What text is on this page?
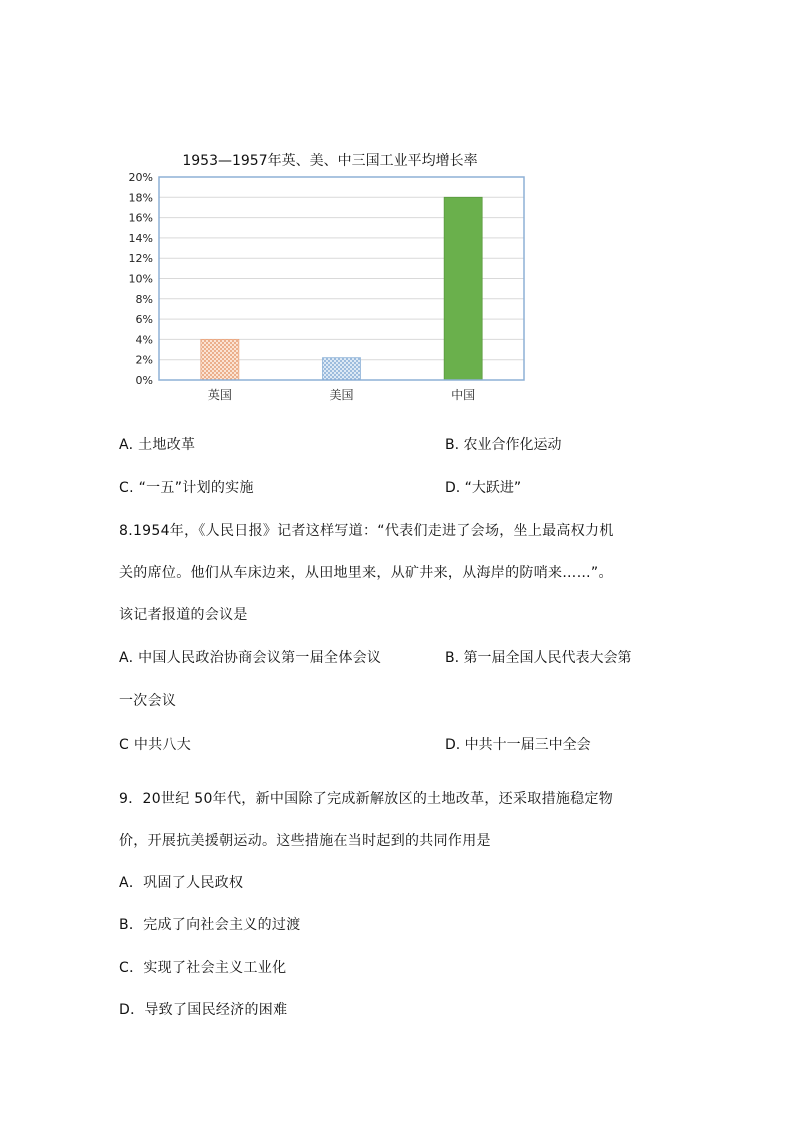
1953—1957年英、美、中三国工业平均增长率
0%
2%
4%
6%
8%
10%
12%
14%
16%
18%
20%
英国	美国	中国
A. 土地改革	B. 农业合作化运动
C. “一五”计划的实施	D. “大跃进”
8.1954年，《人民日报》记者这样写道：“代表们走进了会场，坐上最高权力机
关的席位。他们从车床边来，从田地里来，从矿井来，从海岸的防哨来……”。
该记者报道的会议是
A. 中国人民政治协商会议第一届全体会议	B. 第一届全国人民代表大会第
一次会议
C 中共八大	D. 中共十一届三中全会
9．20世纪 50年代，新中国除了完成新解放区的土地改革，还采取措施稳定物
价，开展抗美援朝运动。这些措施在当时起到的共同作用是
A．巩固了人民政权
B．完成了向社会主义的过渡
C．实现了社会主义工业化
D．导致了国民经济的困难
